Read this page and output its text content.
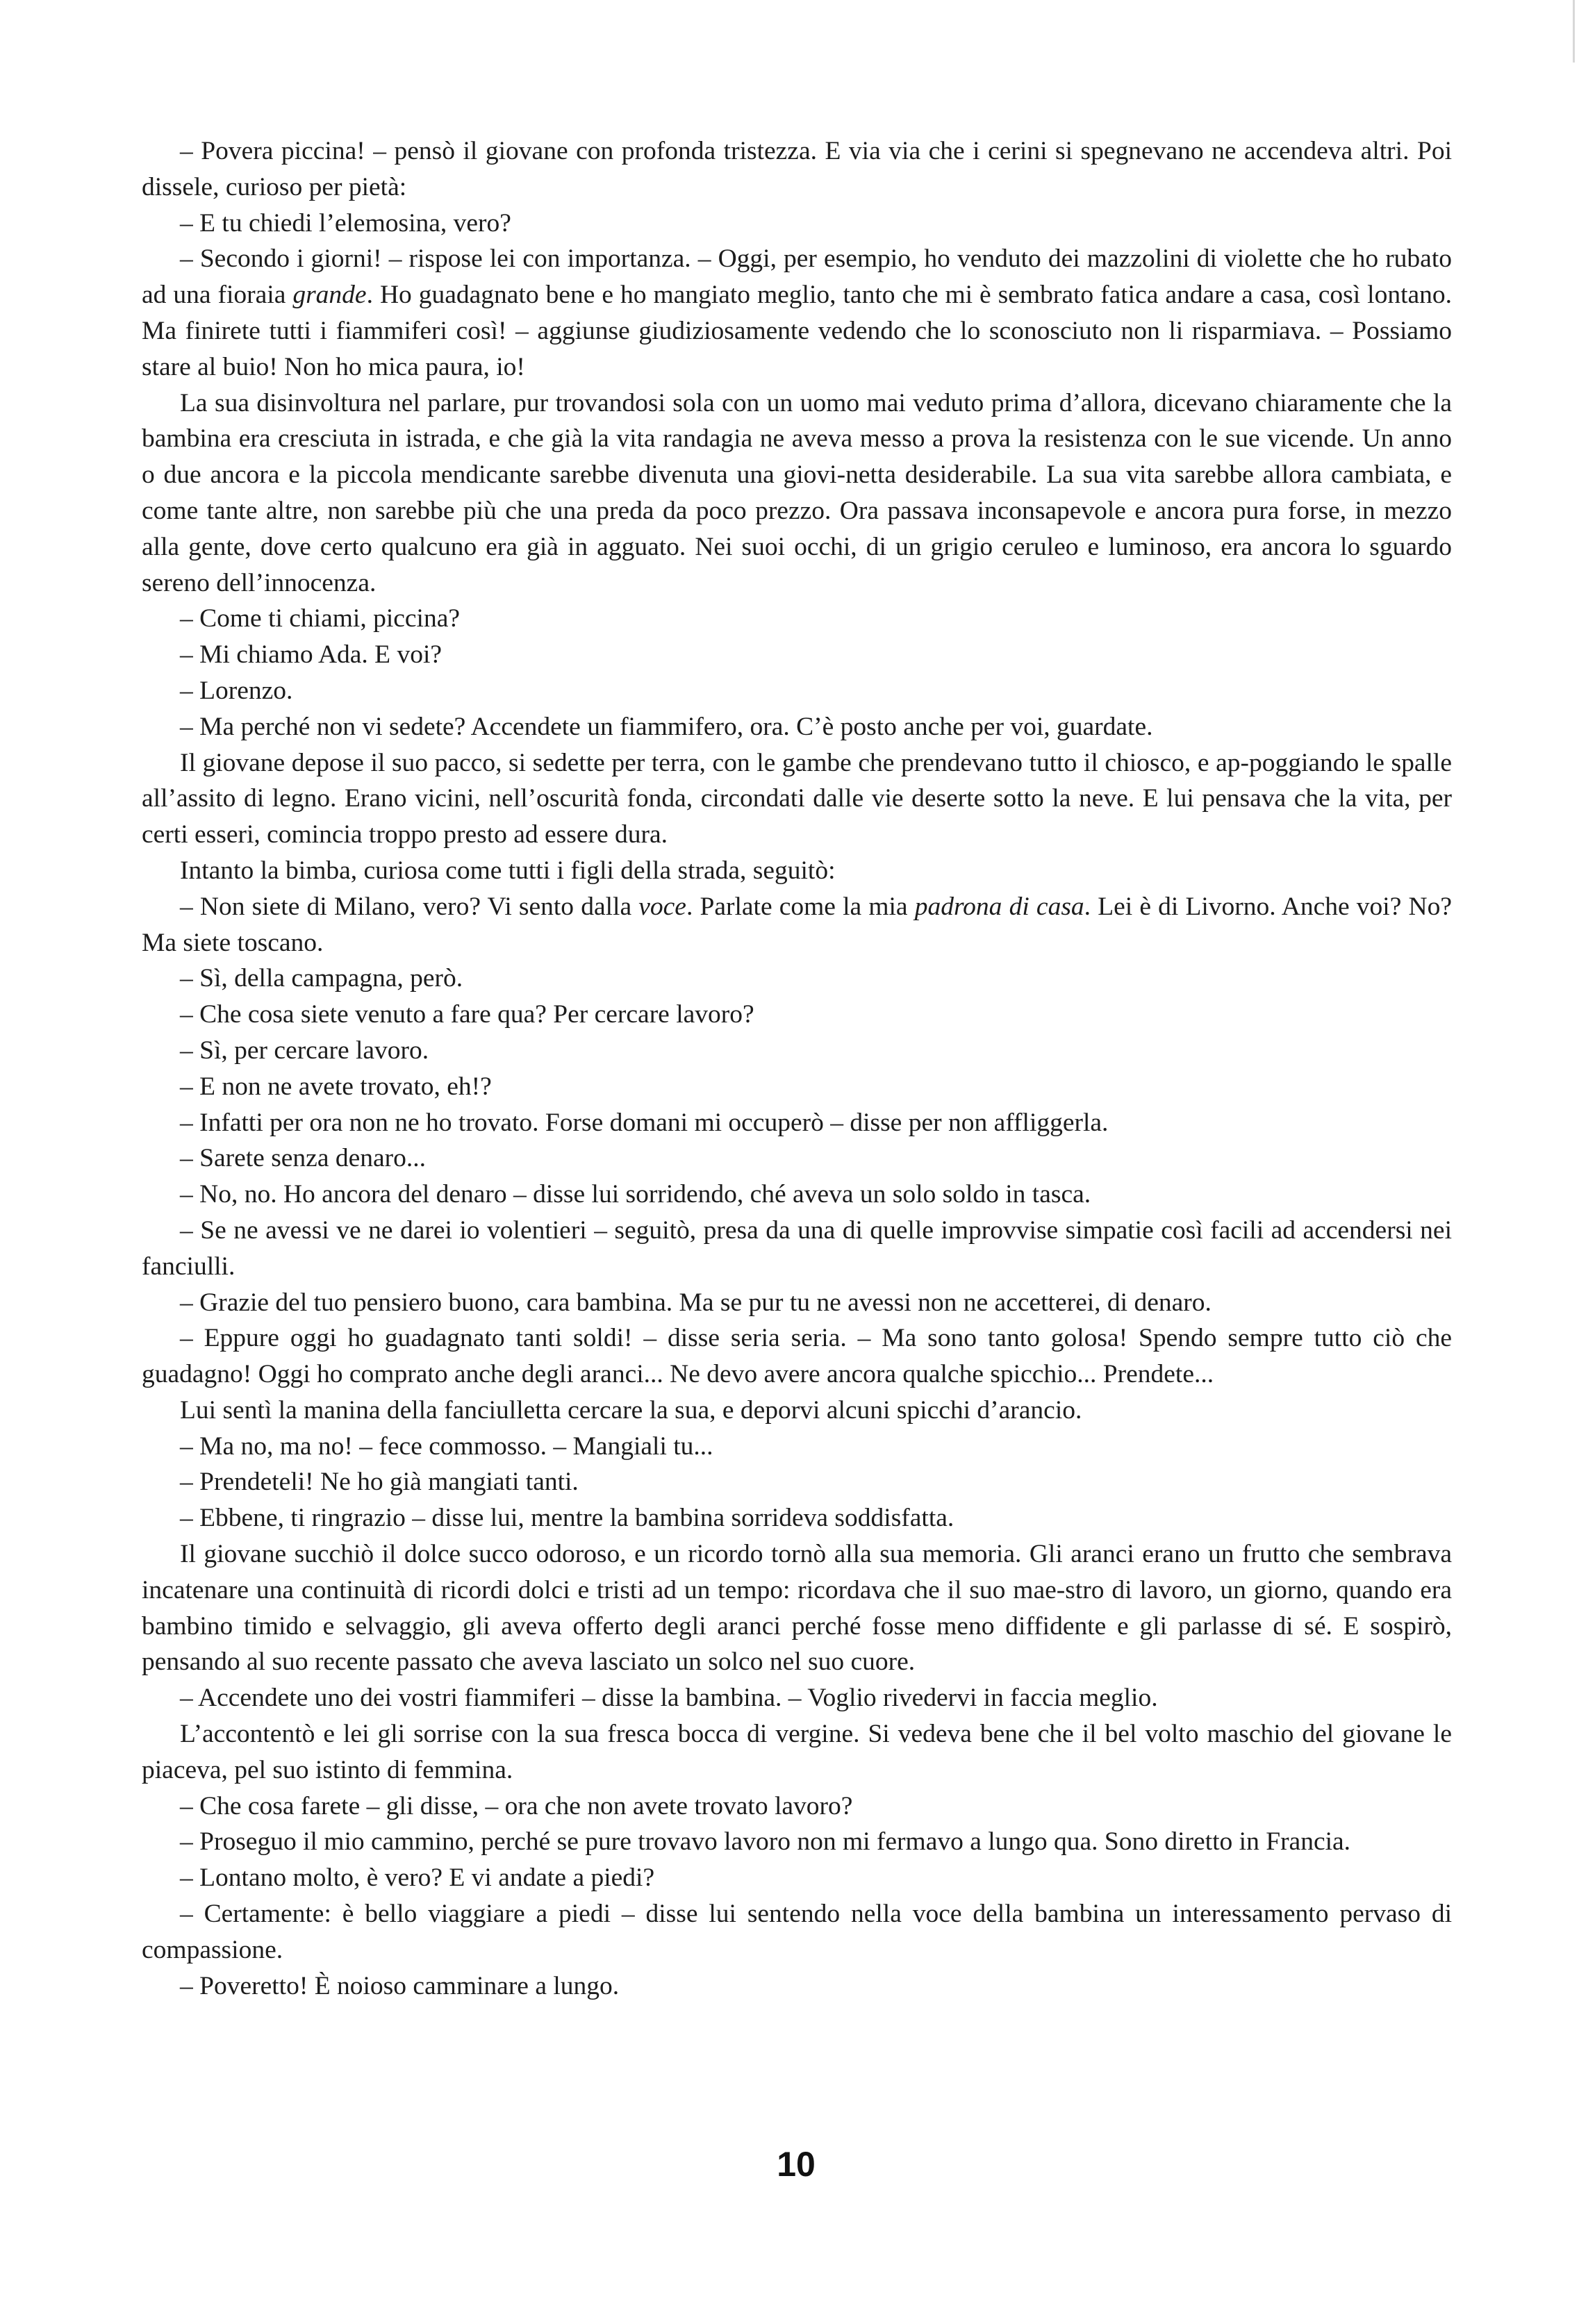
– Povera piccina! – pensò il giovane con profonda tristezza. E via via che i cerini si spegnevano ne accendeva altri. Poi dissele, curioso per pietà:

– E tu chiedi l’elemosina, vero?

– Secondo i giorni! – rispose lei con importanza. – Oggi, per esempio, ho venduto dei mazzolini di violette che ho rubato ad una fioraia grande. Ho guadagnato bene e ho mangiato meglio, tanto che mi è sembrato fatica andare a casa, così lontano. Ma finirete tutti i fiammiferi così! – aggiunse giudiziosamente vedendo che lo sconosciuto non li risparmiava. – Possiamo stare al buio! Non ho mica paura, io!

La sua disinvoltura nel parlare, pur trovandosi sola con un uomo mai veduto prima d’allora, dicevano chiaramente che la bambina era cresciuta in istrada, e che già la vita randagia ne aveva messo a prova la resistenza con le sue vicende. Un anno o due ancora e la piccola mendicante sarebbe divenuta una giovi-netta desiderabile. La sua vita sarebbe allora cambiata, e come tante altre, non sarebbe più che una preda da poco prezzo. Ora passava inconsapevole e ancora pura forse, in mezzo alla gente, dove certo qualcuno era già in agguato. Nei suoi occhi, di un grigio ceruleo e luminoso, era ancora lo sguardo sereno dell’innocenza.

– Come ti chiami, piccina?

– Mi chiamo Ada. E voi?

– Lorenzo.

– Ma perché non vi sedete? Accendete un fiammifero, ora. C’è posto anche per voi, guardate.

Il giovane depose il suo pacco, si sedette per terra, con le gambe che prendevano tutto il chiosco, e ap-poggiando le spalle all’assito di legno. Erano vicini, nell’oscurità fonda, circondati dalle vie deserte sotto la neve. E lui pensava che la vita, per certi esseri, comincia troppo presto ad essere dura.

Intanto la bimba, curiosa come tutti i figli della strada, seguitò:

– Non siete di Milano, vero? Vi sento dalla voce. Parlate come la mia padrona di casa. Lei è di Livorno. Anche voi? No? Ma siete toscano.

– Sì, della campagna, però.

– Che cosa siete venuto a fare qua? Per cercare lavoro?

– Sì, per cercare lavoro.

– E non ne avete trovato, eh!?

– Infatti per ora non ne ho trovato. Forse domani mi occuperò – disse per non affliggerla.

– Sarete senza denaro...

– No, no. Ho ancora del denaro – disse lui sorridendo, ché aveva un solo soldo in tasca.

– Se ne avessi ve ne darei io volentieri – seguitò, presa da una di quelle improvvise simpatie così facili ad accendersi nei fanciulli.

– Grazie del tuo pensiero buono, cara bambina. Ma se pur tu ne avessi non ne accetterei, di denaro.

– Eppure oggi ho guadagnato tanti soldi! – disse seria seria. – Ma sono tanto golosa! Spendo sempre tutto ciò che guadagno! Oggi ho comprato anche degli aranci... Ne devo avere ancora qualche spicchio... Prendete...

Lui sentì la manina della fanciulletta cercare la sua, e deporvi alcuni spicchi d’arancio.

– Ma no, ma no! – fece commosso. – Mangiali tu...

– Prendeteli! Ne ho già mangiati tanti.

– Ebbene, ti ringrazio – disse lui, mentre la bambina sorrideva soddisfatta.

Il giovane succhiò il dolce succo odoroso, e un ricordo tornò alla sua memoria. Gli aranci erano un frutto che sembrava incatenare una continuità di ricordi dolci e tristi ad un tempo: ricordava che il suo mae-stro di lavoro, un giorno, quando era bambino timido e selvaggio, gli aveva offerto degli aranci perché fosse meno diffidente e gli parlasse di sé. E sospirò, pensando al suo recente passato che aveva lasciato un solco nel suo cuore.

– Accendete uno dei vostri fiammiferi – disse la bambina. – Voglio rivedervi in faccia meglio.

L’accontentò e lei gli sorrise con la sua fresca bocca di vergine. Si vedeva bene che il bel volto maschio del giovane le piaceva, pel suo istinto di femmina.

– Che cosa farete – gli disse, – ora che non avete trovato lavoro?

– Proseguo il mio cammino, perché se pure trovavo lavoro non mi fermavo a lungo qua. Sono diretto in Francia.

– Lontano molto, è vero? E vi andate a piedi?

– Certamente: è bello viaggiare a piedi – disse lui sentendo nella voce della bambina un interessamento pervaso di compassione.

– Poveretto! È noioso camminare a lungo.

10
